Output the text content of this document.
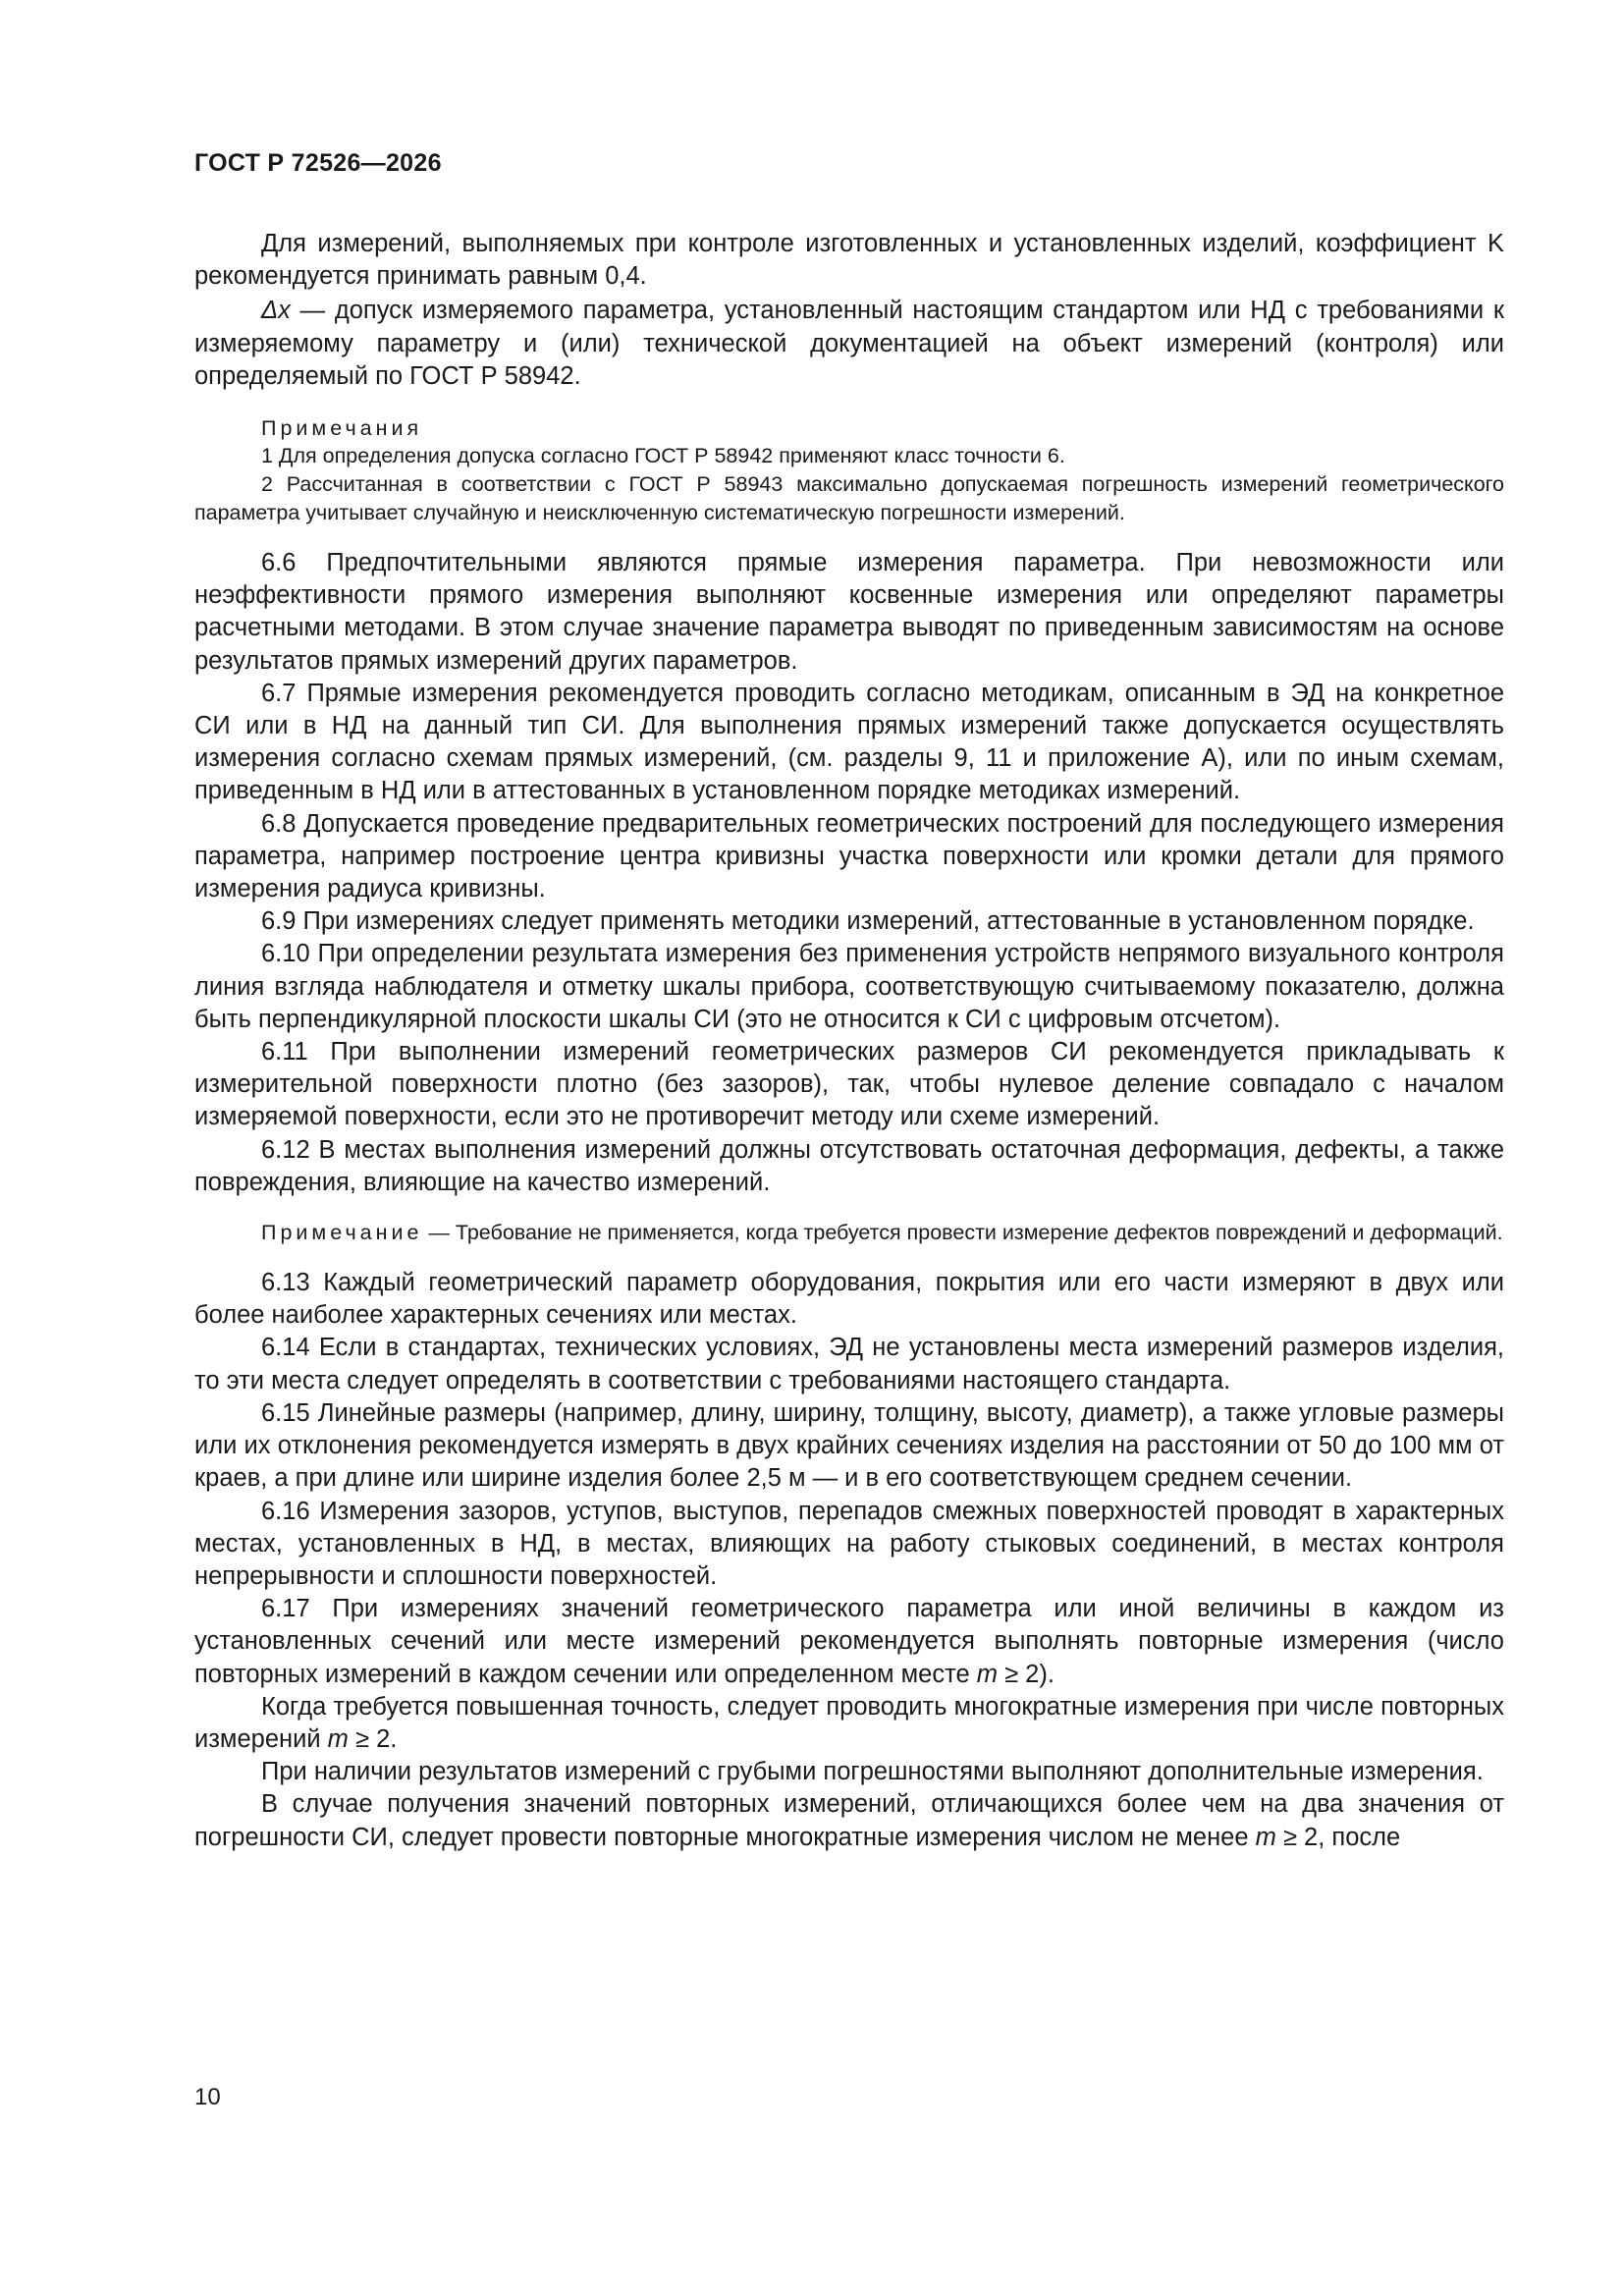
ГОСТ Р 72526—2026

Для измерений, выполняемых при контроле изготовленных и установленных изделий, коэффициент K рекомендуется принимать равным 0,4.

Δx — допуск измеряемого параметра, установленный настоящим стандартом или НД с требованиями к измеряемому параметру и (или) технической документацией на объект измерений (контроля) или определяемый по ГОСТ Р 58942.

Примечания
1 Для определения допуска согласно ГОСТ Р 58942 применяют класс точности 6.
2 Рассчитанная в соответствии с ГОСТ Р 58943 максимально допускаемая погрешность измерений геометрического параметра учитывает случайную и неисключенную систематическую погрешности измерений.

6.6 Предпочтительными являются прямые измерения параметра. При невозможности или неэффективности прямого измерения выполняют косвенные измерения или определяют параметры расчетными методами. В этом случае значение параметра выводят по приведенным зависимостям на основе результатов прямых измерений других параметров.

6.7 Прямые измерения рекомендуется проводить согласно методикам, описанным в ЭД на конкретное СИ или в НД на данный тип СИ. Для выполнения прямых измерений также допускается осуществлять измерения согласно схемам прямых измерений, (см. разделы 9, 11 и приложение А), или по иным схемам, приведенным в НД или в аттестованных в установленном порядке методиках измерений.

6.8 Допускается проведение предварительных геометрических построений для последующего измерения параметра, например построение центра кривизны участка поверхности или кромки детали для прямого измерения радиуса кривизны.

6.9 При измерениях следует применять методики измерений, аттестованные в установленном порядке.

6.10 При определении результата измерения без применения устройств непрямого визуального контроля линия взгляда наблюдателя и отметку шкалы прибора, соответствующую считываемому показателю, должна быть перпендикулярной плоскости шкалы СИ (это не относится к СИ с цифровым отсчетом).

6.11 При выполнении измерений геометрических размеров СИ рекомендуется прикладывать к измерительной поверхности плотно (без зазоров), так, чтобы нулевое деление совпадало с началом измеряемой поверхности, если это не противоречит методу или схеме измерений.

6.12 В местах выполнения измерений должны отсутствовать остаточная деформация, дефекты, а также повреждения, влияющие на качество измерений.

Примечание — Требование не применяется, когда требуется провести измерение дефектов повреждений и деформаций.

6.13 Каждый геометрический параметр оборудования, покрытия или его части измеряют в двух или более наиболее характерных сечениях или местах.

6.14 Если в стандартах, технических условиях, ЭД не установлены места измерений размеров изделия, то эти места следует определять в соответствии с требованиями настоящего стандарта.

6.15 Линейные размеры (например, длину, ширину, толщину, высоту, диаметр), а также угловые размеры или их отклонения рекомендуется измерять в двух крайних сечениях изделия на расстоянии от 50 до 100 мм от краев, а при длине или ширине изделия более 2,5 м — и в его соответствующем среднем сечении.

6.16 Измерения зазоров, уступов, выступов, перепадов смежных поверхностей проводят в характерных местах, установленных в НД, в местах, влияющих на работу стыковых соединений, в местах контроля непрерывности и сплошности поверхностей.

6.17 При измерениях значений геометрического параметра или иной величины в каждом из установленных сечений или месте измерений рекомендуется выполнять повторные измерения (число повторных измерений в каждом сечении или определенном месте m ≥ 2).

Когда требуется повышенная точность, следует проводить многократные измерения при числе повторных измерений m ≥ 2.

При наличии результатов измерений с грубыми погрешностями выполняют дополнительные измерения.

В случае получения значений повторных измерений, отличающихся более чем на два значения от погрешности СИ, следует провести повторные многократные измерения числом не менее m ≥ 2, после

10
